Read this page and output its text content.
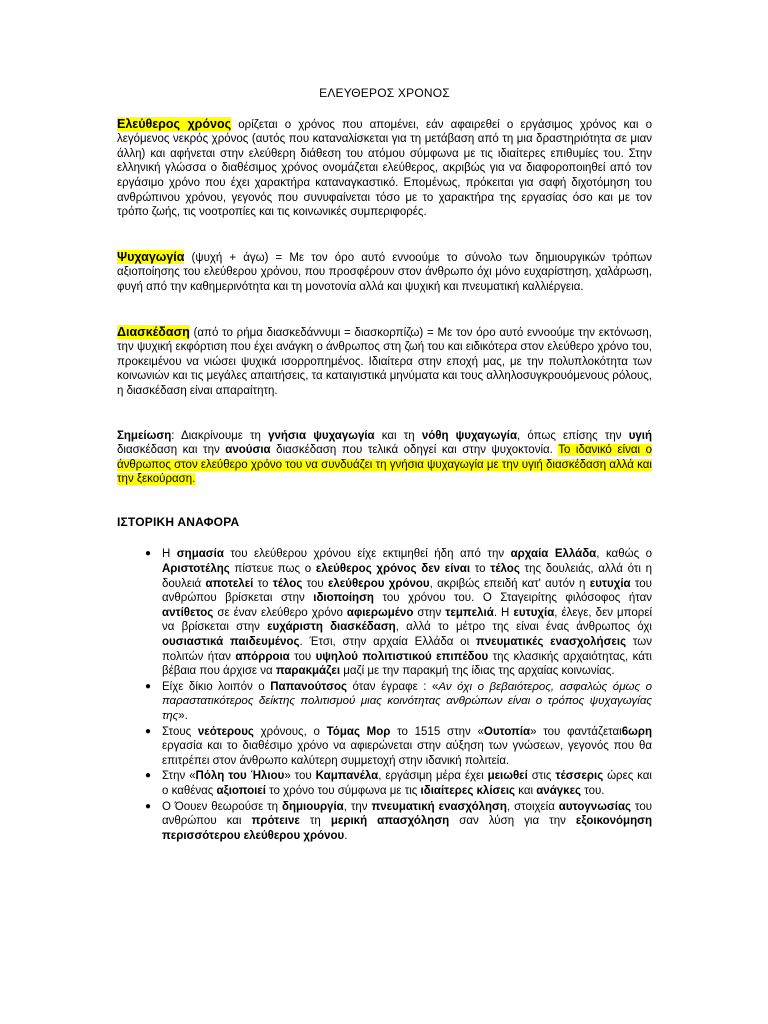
ΕΛΕΥΘΕΡΟΣ ΧΡΟΝΟΣ

Ελεύθερος χρόνος ορίζεται ο χρόνος που απομένει, εάν αφαιρεθεί ο εργάσιμος χρόνος και ο λεγόμενος νεκρός χρόνος (αυτός που καταναλίσκεται για τη μετάβαση από τη μια δραστηριότητα σε μιαν άλλη) και αφήνεται στην ελεύθερη διάθεση του ατόμου σύμφωνα με τις ιδιαίτερες επιθυμίες του. Στην ελληνική γλώσσα ο διαθέσιμος χρόνος ονομάζεται ελεύθερος, ακριβώς για να διαφοροποιηθεί από τον εργάσιμο χρόνο που έχει χαρακτήρα καταναγκαστικό. Επομένως, πρόκειται για σαφή διχοτόμηση του ανθρώπινου χρόνου, γεγονός που συνυφαίνεται τόσο με το χαρακτήρα της εργασίας όσο και με τον τρόπο ζωής, τις νοοτροπίες και τις κοινωνικές συμπεριφορές.

Ψυχαγωγία (ψυχή + άγω) = Με τον όρο αυτό εννοούμε το σύνολο των δημιουργικών τρόπων αξιοποίησης του ελεύθερου χρόνου, που προσφέρουν στον άνθρωπο όχι μόνο ευχαρίστηση, χαλάρωση, φυγή από την καθημερινότητα και τη μονοτονία αλλά και ψυχική και πνευματική καλλιέργεια.

Διασκέδαση (από το ρήμα διασκεδάννυμι = διασκορπίζω) = Με τον όρο αυτό εννοούμε την εκτόνωση, την ψυχική εκφόρτιση που έχει ανάγκη ο άνθρωπος στη ζωή του και ειδικότερα στον ελεύθερο χρόνο του, προκειμένου να νιώσει ψυχικά ισορροπημένος. Ιδιαίτερα στην εποχή μας, με την πολυπλοκότητα των κοινωνιών και τις μεγάλες απαιτήσεις, τα καταιγιστικά μηνύματα και τους αλληλοσυγκρουόμενους ρόλους, η διασκέδαση είναι απαραίτητη.

Σημείωση: Διακρίνουμε τη γνήσια ψυχαγωγία και τη νόθη ψυχαγωγία, όπως επίσης την υγιή διασκέδαση και την ανούσια διασκέδαση που τελικά οδηγεί και στην ψυχοκτονία. Το ιδανικό είναι ο άνθρωπος στον ελεύθερο χρόνο του να συνδυάζει τη γνήσια ψυχαγωγία με την υγιή διασκέδαση αλλά και την ξεκούραση.

ΙΣΤΟΡΙΚΗ ΑΝΑΦΟΡΑ

● Η σημασία του ελεύθερου χρόνου είχε εκτιμηθεί ήδη από την αρχαία Ελλάδα, καθώς ο Αριστοτέλης πίστευε πως ο ελεύθερος χρόνος δεν είναι το τέλος της δουλειάς, αλλά ότι η δουλειά αποτελεί το τέλος του ελεύθερου χρόνου, ακριβώς επειδή κατ' αυτόν η ευτυχία του ανθρώπου βρίσκεται στην ιδιοποίηση του χρόνου του. Ο Σταγειρίτης φιλόσοφος ήταν αντίθετος σε έναν ελεύθερο χρόνο αφιερωμένο στην τεμπελιά. Η ευτυχία, έλεγε, δεν μπορεί να βρίσκεται στην ευχάριστη διασκέδαση, αλλά το μέτρο της είναι ένας άνθρωπος όχι ουσιαστικά παιδευμένος. Έτσι, στην αρχαία Ελλάδα οι πνευματικές ενασχολήσεις των πολιτών ήταν απόρροια του υψηλού πολιτιστικού επιπέδου της κλασικής αρχαιότητας, κάτι βέβαια που άρχισε να παρακμάζει μαζί με την παρακμή της ίδιας της αρχαίας κοινωνίας.
● Είχε δίκιο λοιπόν ο Παπανούτσος όταν έγραφε : «Αν όχι ο βεβαιότερος, ασφαλώς όμως ο παραστατικότερος δείκτης πολιτισμού μιας κοινότητας ανθρώπων είναι ο τρόπος ψυχαγωγίας της».
● Στους νεότερους χρόνους, ο Τόμας Μορ το 1515 στην «Ουτοπία» του φαντάζεται6ωρη εργασία και το διαθέσιμο χρόνο να αφιερώνεται στην αύξηση των γνώσεων, γεγονός που θα επιτρέπει στον άνθρωπο καλύτερη συμμετοχή στην ιδανική πολιτεία.
● Στην «Πόλη του Ήλιου» του Καμπανέλα, εργάσιμη μέρα έχει μειωθεί στις τέσσερις ώρες και ο καθένας αξιοποιεί το χρόνο του σύμφωνα με τις ιδιαίτερες κλίσεις και ανάγκες του.
● Ο Όουεν θεωρούσε τη δημιουργία, την πνευματική ενασχόληση, στοιχεία αυτογνωσίας του ανθρώπου και πρότεινε τη μερική απασχόληση σαν λύση για την εξοικονόμηση περισσότερου ελεύθερου χρόνου.
